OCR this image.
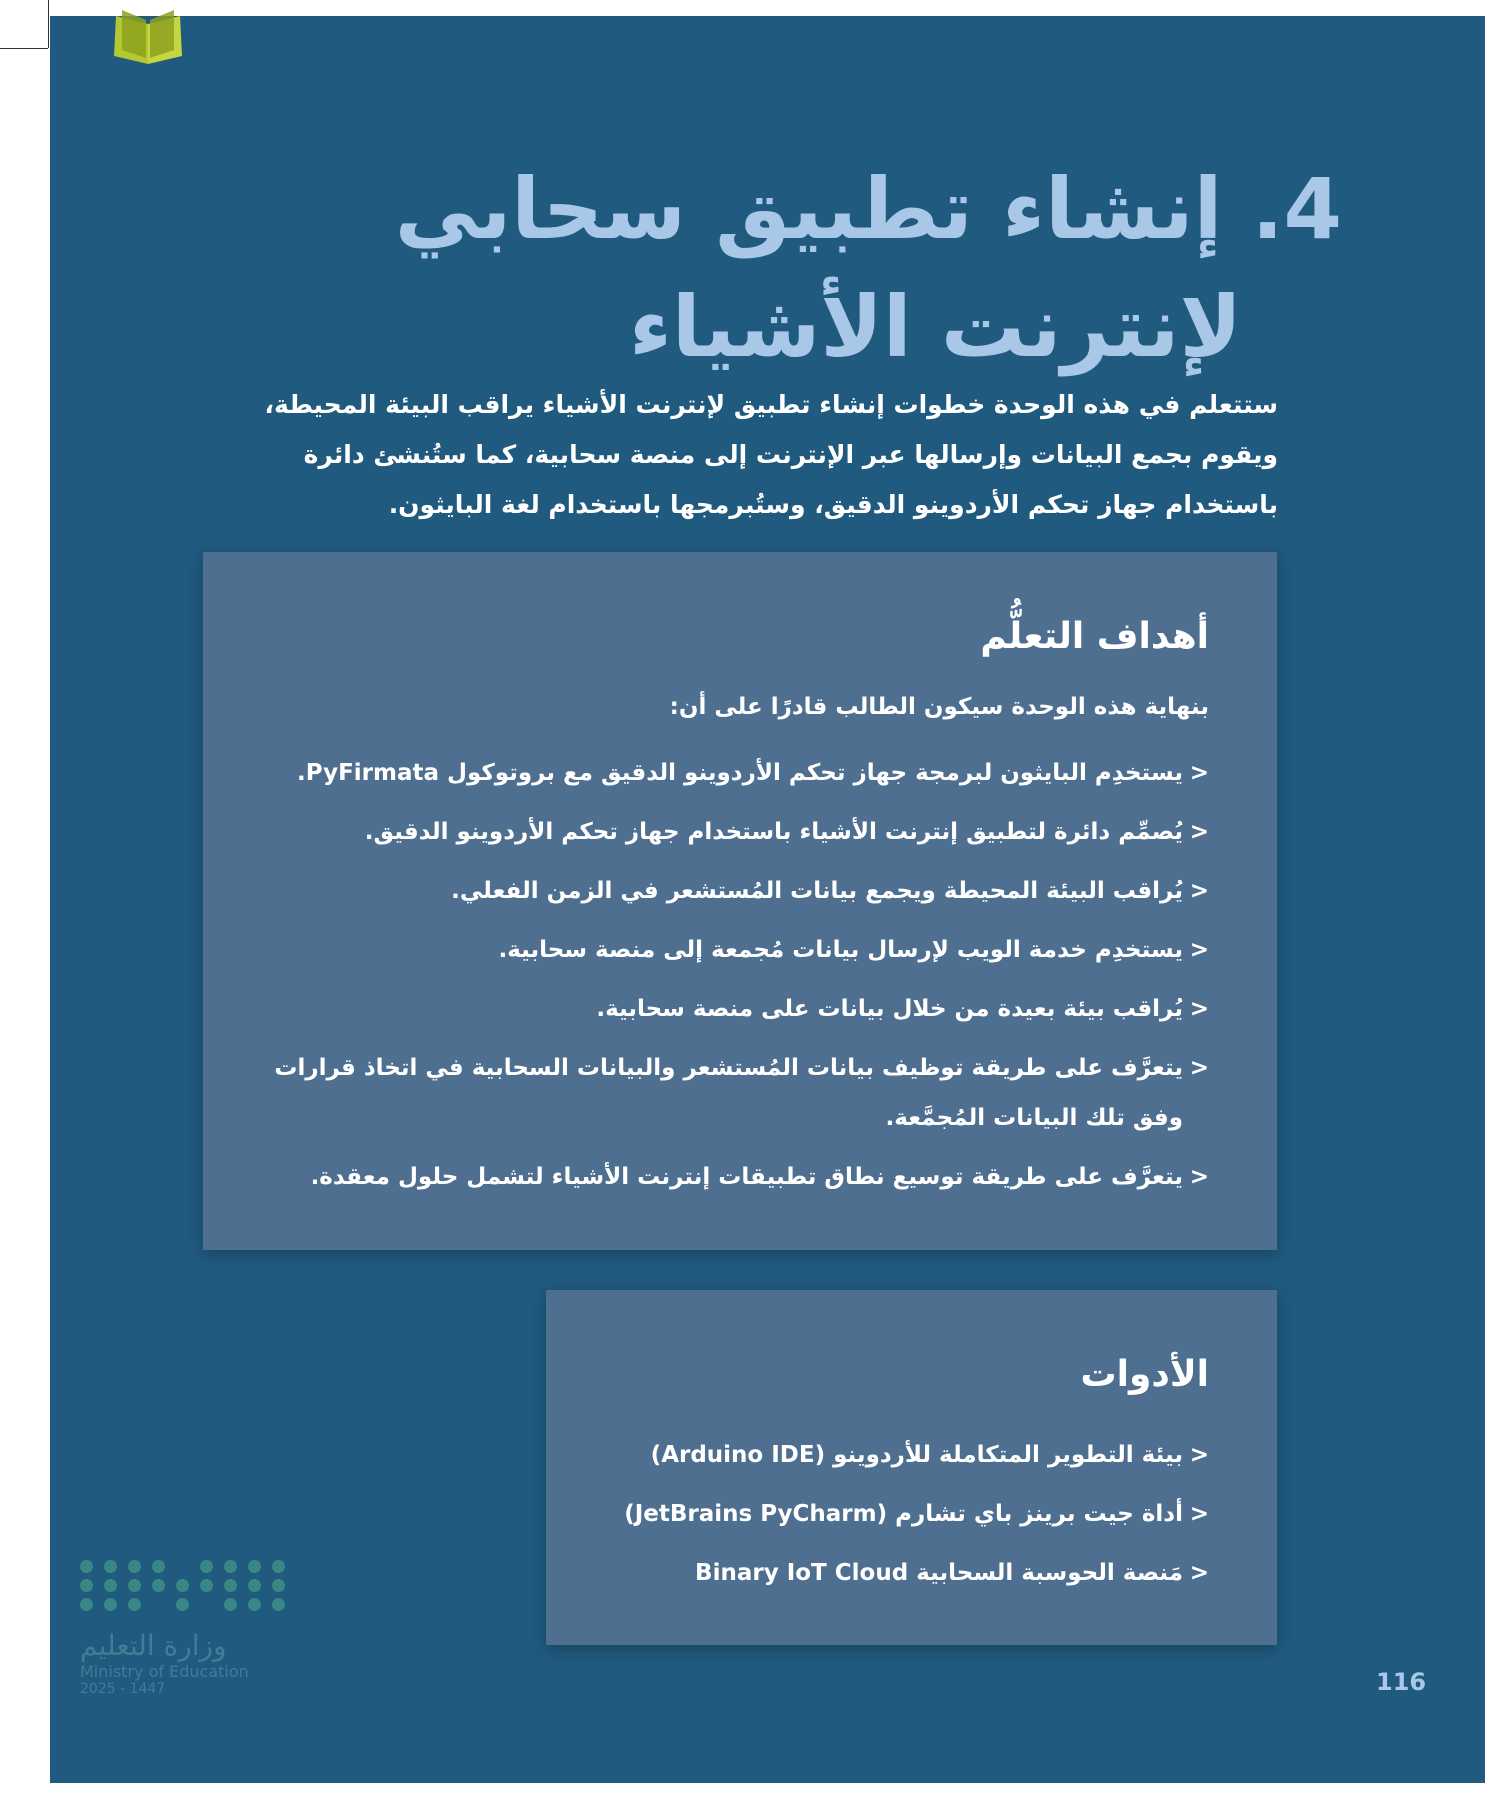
4. إنشاء تطبيق سحابي
لإنترنت الأشياء
ستتعلم في هذه الوحدة خطوات إنشاء تطبيق لإنترنت الأشياء يراقب البيئة المحيطة، ويقوم بجمع البيانات وإرسالها عبر الإنترنت إلى منصة سحابية، كما ستُنشئ دائرة باستخدام جهاز تحكم الأردوينو الدقيق، وستُبرمجها باستخدام لغة البايثون.
أهداف التعلُّم
بنهاية هذه الوحدة سيكون الطالب قادرًا على أن:
<
يستخدِم البايثون لبرمجة جهاز تحكم الأردوينو الدقيق مع بروتوكول PyFirmata.
<
يُصمِّم دائرة لتطبيق إنترنت الأشياء باستخدام جهاز تحكم الأردوينو الدقيق.
<
يُراقب البيئة المحيطة ويجمع بيانات المُستشعر في الزمن الفعلي.
<
يستخدِم خدمة الويب لإرسال بيانات مُجمعة إلى منصة سحابية.
<
يُراقب بيئة بعيدة من خلال بيانات على منصة سحابية.
<
يتعرَّف على طريقة توظيف بيانات المُستشعر والبيانات السحابية في اتخاذ قرارات وفق تلك البيانات المُجمَّعة.
<
يتعرَّف على طريقة توسيع نطاق تطبيقات إنترنت الأشياء لتشمل حلول معقدة.
الأدوات
<
بيئة التطوير المتكاملة للأردوينو (Arduino IDE)
<
أداة جيت برينز باي تشارم (JetBrains PyCharm)
<
مَنصة الحوسبة السحابية Binary IoT Cloud
وزارة التعليم
Ministry of Education
2025 - 1447	116
